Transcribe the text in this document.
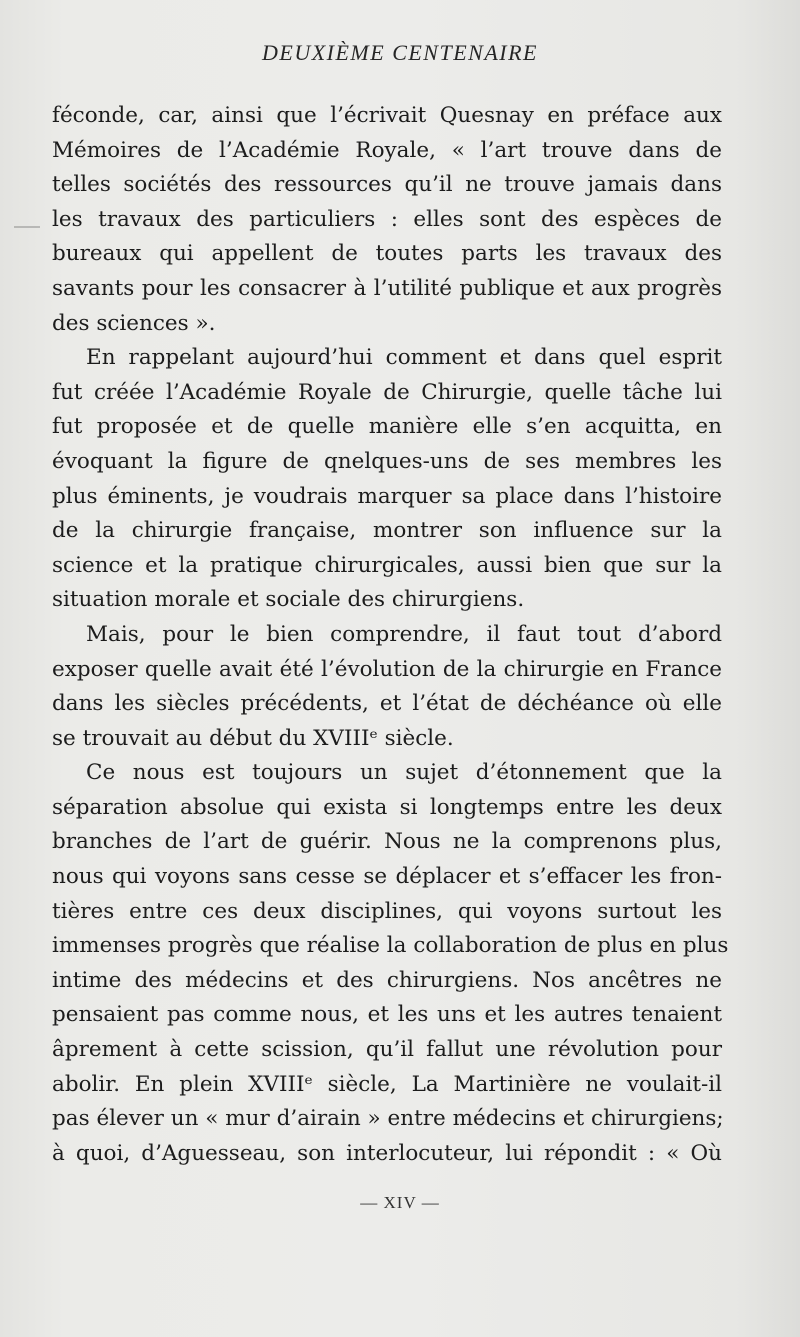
DEUXIÈME CENTENAIRE
féconde, car, ainsi que l’écrivait Quesnay en préface aux
Mémoires de l’Académie Royale, « l’art trouve dans de
telles sociétés des ressources qu’il ne trouve jamais dans
les travaux des particuliers : elles sont des espèces de
bureaux qui appellent de toutes parts les travaux des
savants pour les consacrer à l’utilité publique et aux progrès
des sciences ».
En rappelant aujourd’hui comment et dans quel esprit
fut créée l’Académie Royale de Chirurgie, quelle tâche lui
fut proposée et de quelle manière elle s’en acquitta, en
évoquant la figure de qnelques-uns de ses membres les
plus éminents, je voudrais marquer sa place dans l’histoire
de la chirurgie française, montrer son influence sur la
science et la pratique chirurgicales, aussi bien que sur la
situation morale et sociale des chirurgiens.
Mais, pour le bien comprendre, il faut tout d’abord
exposer quelle avait été l’évolution de la chirurgie en France
dans les siècles précédents, et l’état de déchéance où elle
se trouvait au début du XVIIIᵉ siècle.
Ce nous est toujours un sujet d’étonnement que la
séparation absolue qui exista si longtemps entre les deux
branches de l’art de guérir. Nous ne la comprenons plus,
nous qui voyons sans cesse se déplacer et s’effacer les fron-
tières entre ces deux disciplines, qui voyons surtout les
immenses progrès que réalise la collaboration de plus en plus
intime des médecins et des chirurgiens. Nos ancêtres ne
pensaient pas comme nous, et les uns et les autres tenaient
âprement à cette scission, qu’il fallut une révolution pour
abolir. En plein XVIIIᵉ siècle, La Martinière ne voulait-il
pas élever un « mur d’airain » entre médecins et chirurgiens;
à quoi, d’Aguesseau, son interlocuteur, lui répondit : « Où
— XIV —
